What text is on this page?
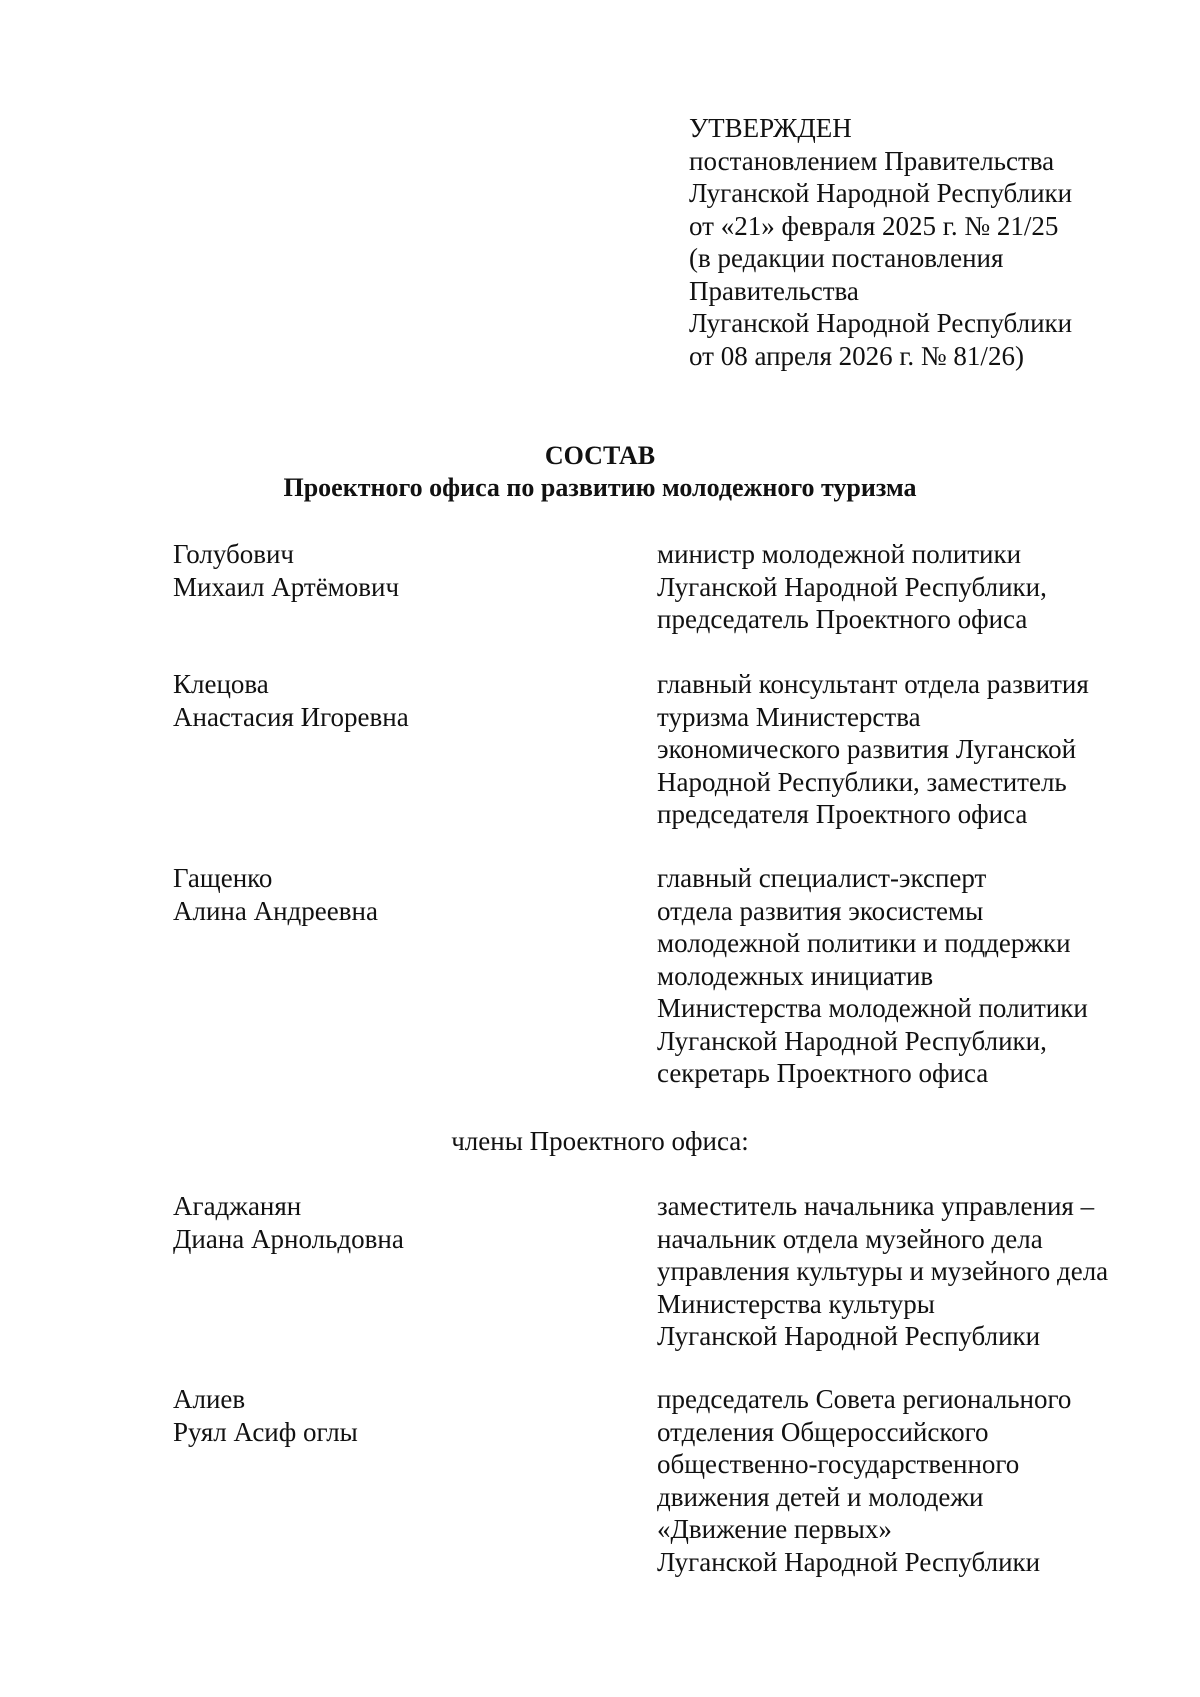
УТВЕРЖДЕН
постановлением Правительства
Луганской Народной Республики
от «21» февраля 2025 г. № 21/25
(в редакции постановления
Правительства
Луганской Народной Республики
от 08 апреля 2026 г. № 81/26)
СОСТАВ
Проектного офиса по развитию молодежного туризма
Голубович
Михаил Артёмович
министр молодежной политики
Луганской Народной Республики,
председатель Проектного офиса
Клецова
Анастасия Игоревна
главный консультант отдела развития
туризма Министерства
экономического развития Луганской
Народной Республики, заместитель
председателя Проектного офиса
Гащенко
Алина Андреевна
главный специалист-эксперт
отдела развития экосистемы
молодежной политики и поддержки
молодежных инициатив
Министерства молодежной политики
Луганской Народной Республики,
секретарь Проектного офиса
члены Проектного офиса:
Агаджанян
Диана Арнольдовна
заместитель начальника управления –
начальник отдела музейного дела
управления культуры и музейного дела
Министерства культуры
Луганской Народной Республики
Алиев
Руял Асиф оглы
председатель Совета регионального
отделения Общероссийского
общественно-государственного
движения детей и молодежи
«Движение первых»
Луганской Народной Республики
